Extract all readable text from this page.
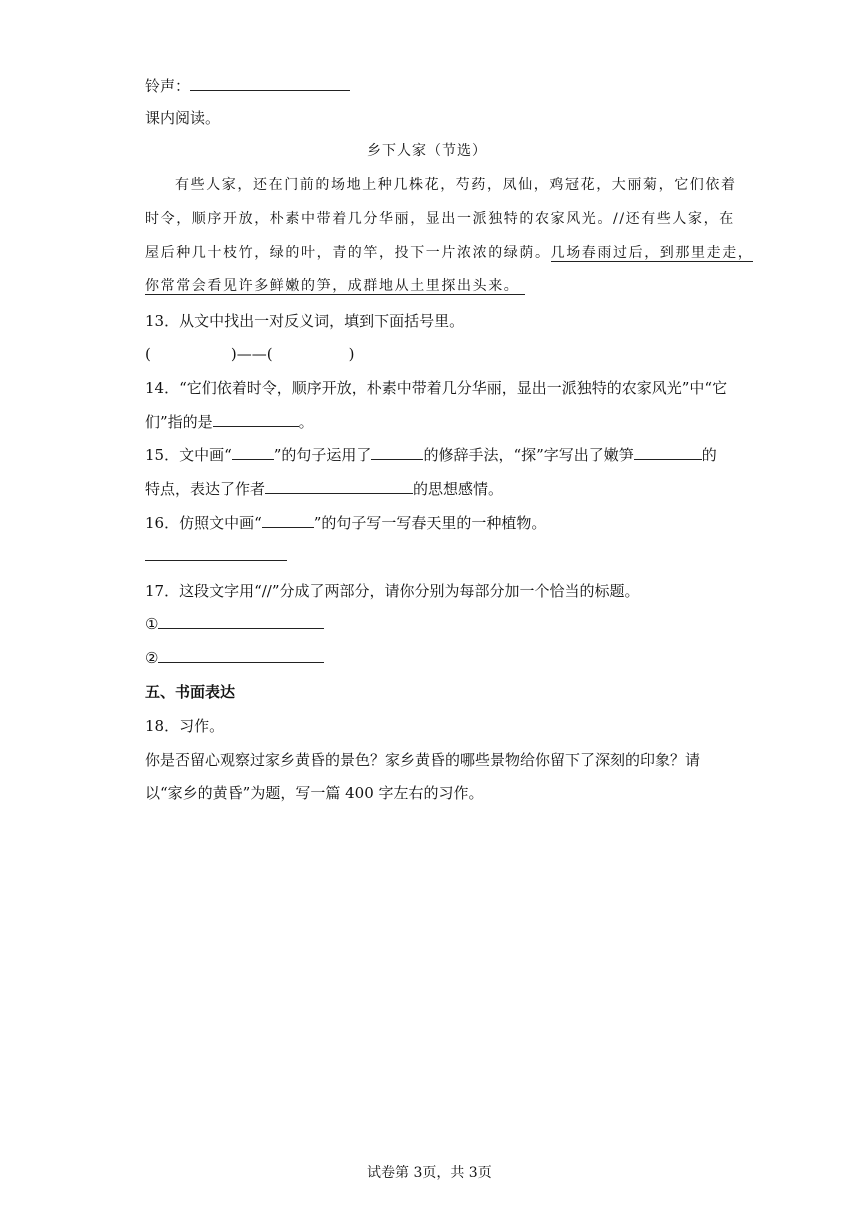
铃声：
课内阅读。
乡下人家（节选）
有些人家，还在门前的场地上种几株花，芍药，凤仙，鸡冠花，大丽菊，它们依着
时令，顺序开放，朴素中带着几分华丽，显出一派独特的农家风光。//还有些人家，在
屋后种几十枝竹，绿的叶，青的竿，投下一片浓浓的绿荫。几场春雨过后，到那里走走，
你常常会看见许多鲜嫩的笋，成群地从土里探出头来。
13．从文中找出一对反义词，填到下面括号里。
(	)——(	)
14．“它们依着时令，顺序开放，朴素中带着几分华丽，显出一派独特的农家风光”中“它
们”指的是	。
15．文中画“	”的句子运用了	的修辞手法，“探”字写出了嫩笋	的
特点，表达了作者	的思想感情。
16．仿照文中画“	”的句子写一写春天里的一种植物。
17．这段文字用“//”分成了两部分，请你分别为每部分加一个恰当的标题。
①
②
五、书面表达
18．习作。
你是否留心观察过家乡黄昏的景色？家乡黄昏的哪些景物给你留下了深刻的印象？请
以“家乡的黄昏”为题，写一篇 400 字左右的习作。
试卷第 3页，共 3页
